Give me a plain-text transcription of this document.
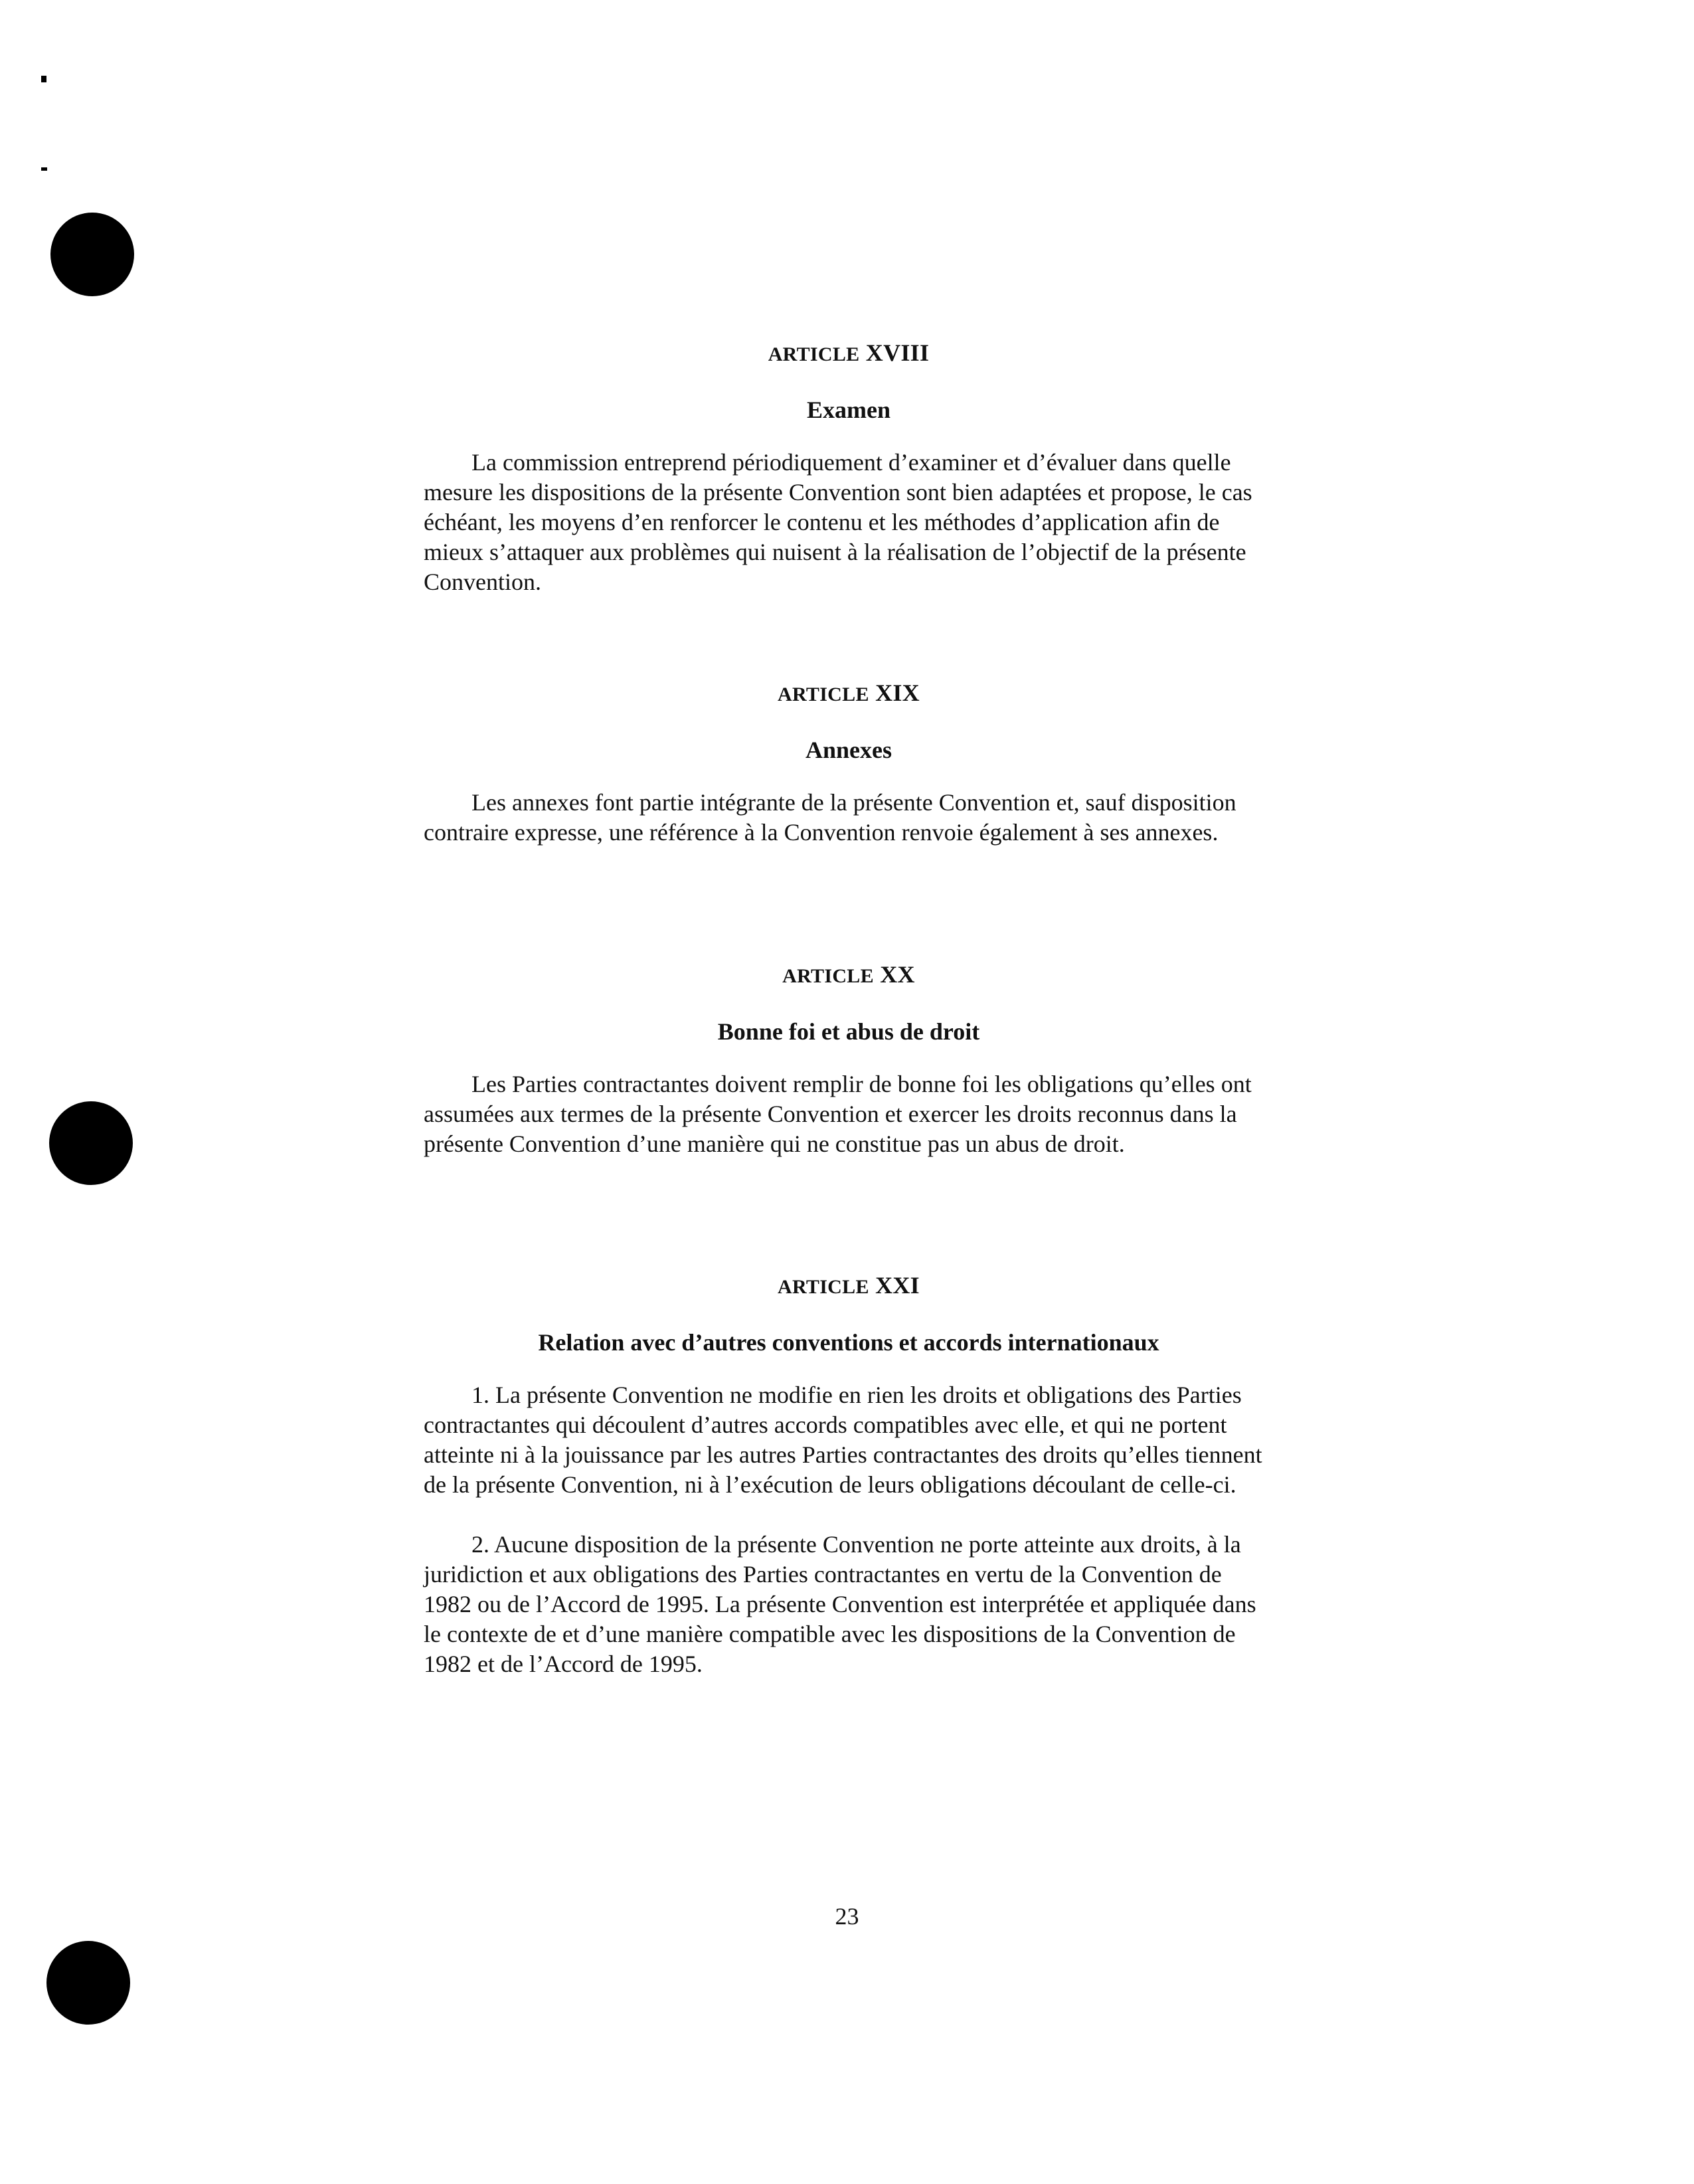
ARTICLE XVIII
Examen

La commission entreprend périodiquement d’examiner et d’évaluer dans quelle mesure les dispositions de la présente Convention sont bien adaptées et propose, le cas échéant, les moyens d’en renforcer le contenu et les méthodes d’application afin de mieux s’attaquer aux problèmes qui nuisent à la réalisation de l’objectif de la présente Convention.

ARTICLE XIX
Annexes

Les annexes font partie intégrante de la présente Convention et, sauf disposition contraire expresse, une référence à la Convention renvoie également à ses annexes.

ARTICLE XX
Bonne foi et abus de droit

Les Parties contractantes doivent remplir de bonne foi les obligations qu’elles ont assumées aux termes de la présente Convention et exercer les droits reconnus dans la présente Convention d’une manière qui ne constitue pas un abus de droit.

ARTICLE XXI
Relation avec d’autres conventions et accords internationaux

1. La présente Convention ne modifie en rien les droits et obligations des Parties contractantes qui découlent d’autres accords compatibles avec elle, et qui ne portent atteinte ni à la jouissance par les autres Parties contractantes des droits qu’elles tiennent de la présente Convention, ni à l’exécution de leurs obligations découlant de celle-ci.

2. Aucune disposition de la présente Convention ne porte atteinte aux droits, à la juridiction et aux obligations des Parties contractantes en vertu de la Convention de 1982 ou de l’Accord de 1995. La présente Convention est interprétée et appliquée dans le contexte de et d’une manière compatible avec les dispositions de la Convention de 1982 et de l’Accord de 1995.

23
